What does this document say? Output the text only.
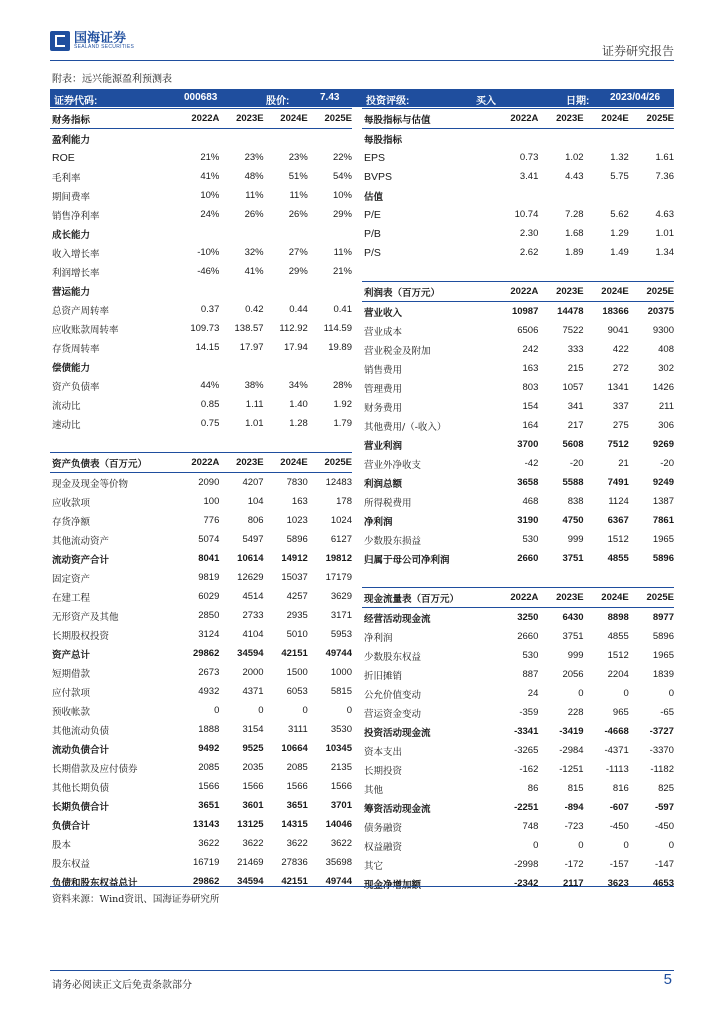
国海证券
SEALAND SECURITIES	证券研究报告
附表：远兴能源盈利预测表
证券代码:	000683	股价:	7.43	投资评级:	买入	日期: 2023/04/26
财务指标	2022A	2023E	2024E	2025E
盈利能力
ROE	21%	23%	23%	22%
毛利率	41%	48%	51%	54%
期间费率	10%	11%	11%	10%
销售净利率	24%	26%	26%	29%
成长能力
收入增长率	-10%	32%	27%	11%
利润增长率	-46%	41%	29%	21%
营运能力
总资产周转率	0.37	0.42	0.44	0.41
应收账款周转率	109.73	138.57	112.92	114.59
存货周转率	14.15	17.97	17.94	19.89
偿债能力
资产负债率	44%	38%	34%	28%
流动比	0.85	1.11	1.40	1.92
速动比	0.75	1.01	1.28	1.79
资产负债表（百万元）	2022A	2023E	2024E	2025E
现金及现金等价物	2090	4207	7830	12483
应收款项	100	104	163	178
存货净额	776	806	1023	1024
其他流动资产	5074	5497	5896	6127
流动资产合计	8041	10614	14912	19812
固定资产	9819	12629	15037	17179
在建工程	6029	4514	4257	3629
无形资产及其他	2850	2733	2935	3171
长期股权投资	3124	4104	5010	5953
资产总计	29862	34594	42151	49744
短期借款	2673	2000	1500	1000
应付款项	4932	4371	6053	5815
预收帐款	0	0	0	0
其他流动负债	1888	3154	3111	3530
流动负债合计	9492	9525	10664	10345
长期借款及应付债券	2085	2035	2085	2135
其他长期负债	1566	1566	1566	1566
长期负债合计	3651	3601	3651	3701
负债合计	13143	13125	14315	14046
股本	3622	3622	3622	3622
股东权益	16719	21469	27836	35698
负债和股东权益总计	29862	34594	42151	49744
每股指标与估值	2022A	2023E	2024E	2025E
每股指标
EPS	0.73	1.02	1.32	1.61
BVPS	3.41	4.43	5.75	7.36
估值
P/E	10.74	7.28	5.62	4.63
P/B	2.30	1.68	1.29	1.01
P/S	2.62	1.89	1.49	1.34
利润表（百万元）	2022A	2023E	2024E	2025E
营业收入	10987	14478	18366	20375
营业成本	6506	7522	9041	9300
营业税金及附加	242	333	422	408
销售费用	163	215	272	302
管理费用	803	1057	1341	1426
财务费用	154	341	337	211
其他费用/（-收入）	164	217	275	306
营业利润	3700	5608	7512	9269
营业外净收支	-42	-20	21	-20
利润总额	3658	5588	7491	9249
所得税费用	468	838	1124	1387
净利润	3190	4750	6367	7861
少数股东损益	530	999	1512	1965
归属于母公司净利润	2660	3751	4855	5896
现金流量表（百万元）	2022A	2023E	2024E	2025E
经营活动现金流	3250	6430	8898	8977
净利润	2660	3751	4855	5896
少数股东权益	530	999	1512	1965
折旧摊销	887	2056	2204	1839
公允价值变动	24	0	0	0
营运资金变动	-359	228	965	-65
投资活动现金流	-3341	-3419	-4668	-3727
资本支出	-3265	-2984	-4371	-3370
长期投资	-162	-1251	-1113	-1182
其他	86	815	816	825
筹资活动现金流	-2251	-894	-607	-597
债务融资	748	-723	-450	-450
权益融资	0	0	0	0
其它	-2998	-172	-157	-147
现金净增加额	-2342	2117	3623	4653
资料来源：Wind资讯、国海证券研究所
请务必阅读正文后免责条款部分	5
